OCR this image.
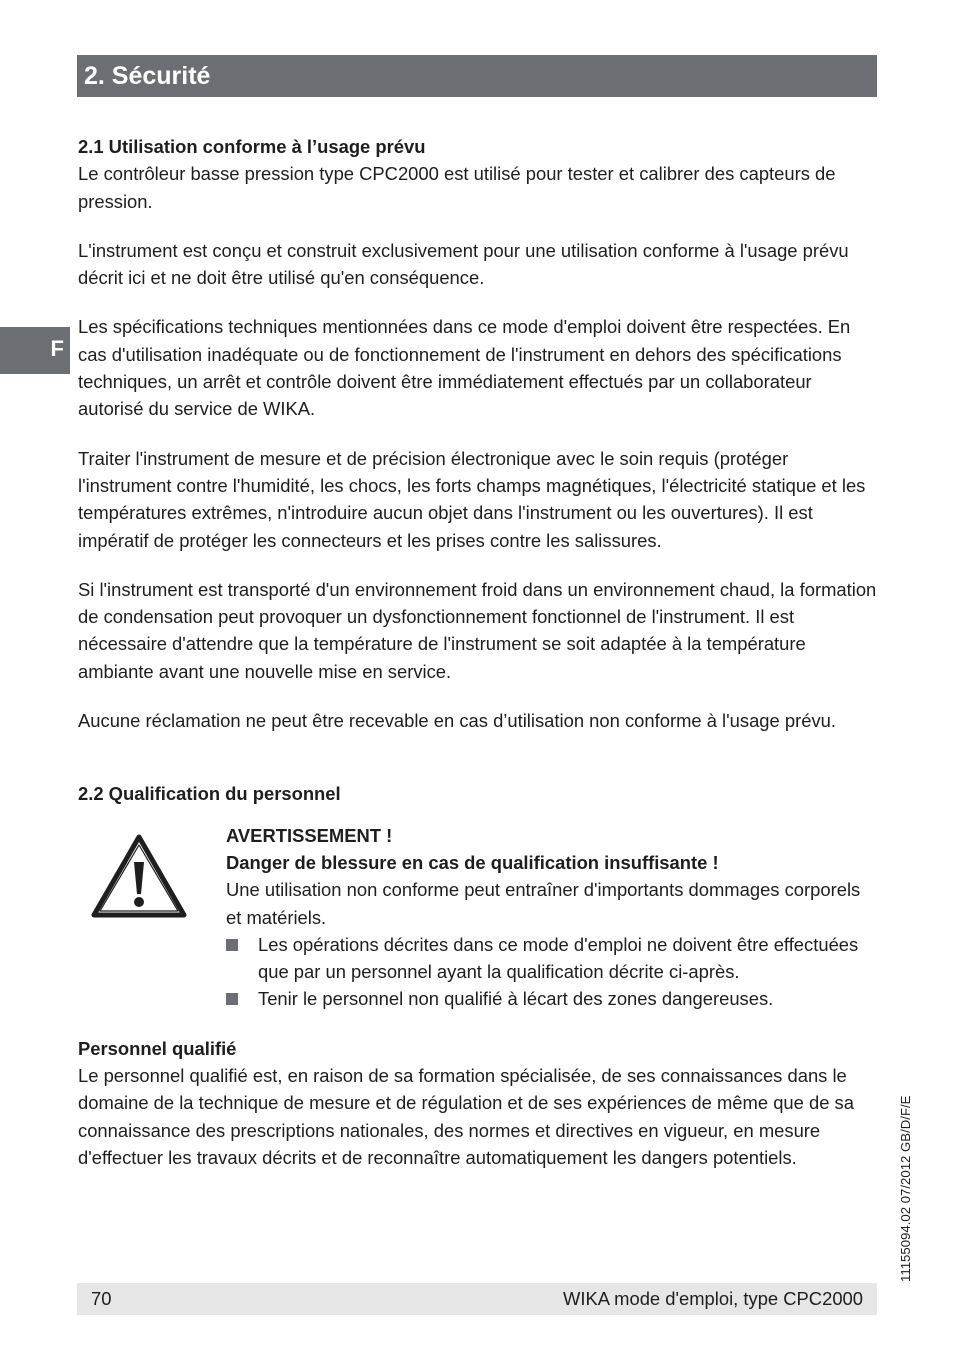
2. Sécurité
F

2.1 Utilisation conforme à l’usage prévu

Le contrôleur basse pression type CPC2000 est utilisé pour tester et calibrer des capteurs de pression.

L'instrument est conçu et construit exclusivement pour une utilisation conforme à l'usage prévu décrit ici et ne doit être utilisé qu'en conséquence.

Les spécifications techniques mentionnées dans ce mode d'emploi doivent être respectées. En cas d'utilisation inadéquate ou de fonctionnement de l'instrument en dehors des spécifications techniques, un arrêt et contrôle doivent être immédiatement effectués par un collaborateur autorisé du service de WIKA.

Traiter l'instrument de mesure et de précision électronique avec le soin requis (protéger l'instrument contre l'humidité, les chocs, les forts champs magnétiques, l'électricité statique et les températures extrêmes, n'introduire aucun objet dans l'instrument ou les ouvertures). Il est impératif de protéger les connecteurs et les prises contre les salissures.

Si l'instrument est transporté d'un environnement froid dans un environnement chaud, la formation de condensation peut provoquer un dysfonctionnement fonctionnel de l'instrument. Il est nécessaire d'attendre que la température de l'instrument se soit adaptée à la température ambiante avant une nouvelle mise en service.

Aucune réclamation ne peut être recevable en cas d’utilisation non conforme à l'usage prévu.

2.2 Qualification du personnel

AVERTISSEMENT !

Danger de blessure en cas de qualification insuffisante !

Une utilisation non conforme peut entraîner d'importants dommages corporels et matériels.

Les opérations décrites dans ce mode d'emploi ne doivent être effectuées que par un personnel ayant la qualification décrite ci-après.
Tenir le personnel non qualifié à lécart des zones dangereuses.

Personnel qualifié

Le personnel qualifié est, en raison de sa formation spécialisée, de ses connaissances dans le domaine de la technique de mesure et de régulation et de ses expériences de même que de sa connaissance des prescriptions nationales, des normes et directives en vigueur, en mesure d'effectuer les travaux décrits et de reconnaître automatiquement les dangers potentiels.

70	WIKA mode d'emploi, type CPC2000
11155094.02 07/2012 GB/D/F/E
